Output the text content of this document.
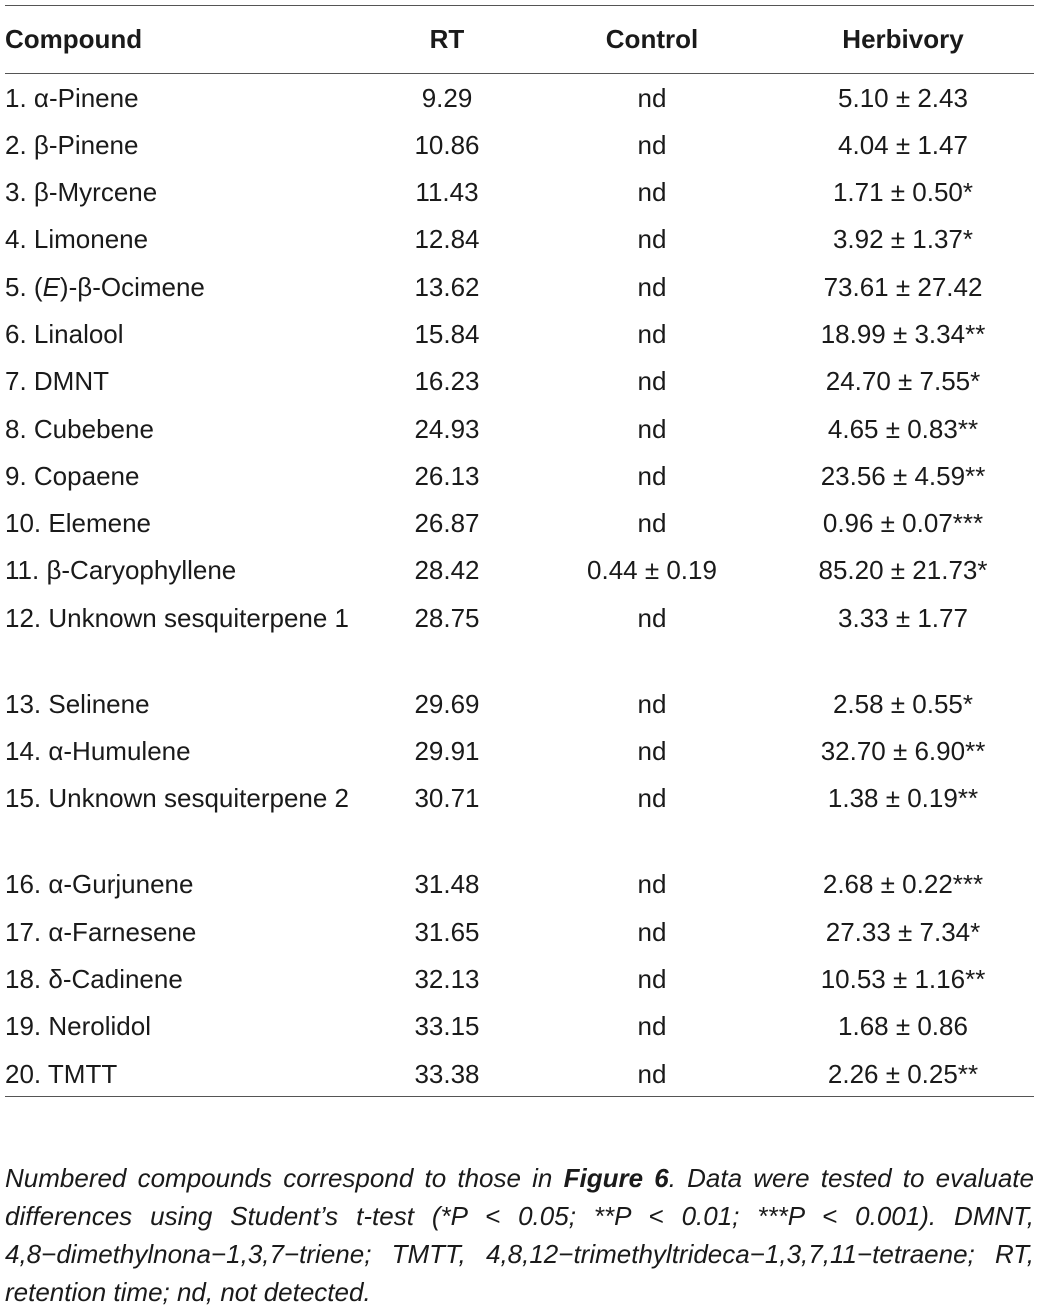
Compound	RT	Control	Herbivory
1. α-Pinene	9.29	nd	5.10 ± 2.43
2. β-Pinene	10.86	nd	4.04 ± 1.47
3. β-Myrcene	11.43	nd	1.71 ± 0.50*
4. Limonene	12.84	nd	3.92 ± 1.37*
5. (E)-β-Ocimene	13.62	nd	73.61 ± 27.42
6. Linalool	15.84	nd	18.99 ± 3.34**
7. DMNT	16.23	nd	24.70 ± 7.55*
8. Cubebene	24.93	nd	4.65 ± 0.83**
9. Copaene	26.13	nd	23.56 ± 4.59**
10. Elemene	26.87	nd	0.96 ± 0.07***
11. β-Caryophyllene	28.42	0.44 ± 0.19	85.20 ± 21.73*
12. Unknown sesquiterpene 1	28.75	nd	3.33 ± 1.77
13. Selinene	29.69	nd	2.58 ± 0.55*
14. α-Humulene	29.91	nd	32.70 ± 6.90**
15. Unknown sesquiterpene 2	30.71	nd	1.38 ± 0.19**
16. α-Gurjunene	31.48	nd	2.68 ± 0.22***
17. α-Farnesene	31.65	nd	27.33 ± 7.34*
18. δ-Cadinene	32.13	nd	10.53 ± 1.16**
19. Nerolidol	33.15	nd	1.68 ± 0.86
20. TMTT	33.38	nd	2.26 ± 0.25**

Numbered compounds correspond to those in Figure 6. Data were tested to evaluate differences using Student’s t-test (*P < 0.05; **P < 0.01; ***P < 0.001). DMNT, 4,8−dimethylnona−1,3,7−triene; TMTT, 4,8,12−trimethyltrideca−1,3,7,11−tetraene; RT, retention time; nd, not detected.
